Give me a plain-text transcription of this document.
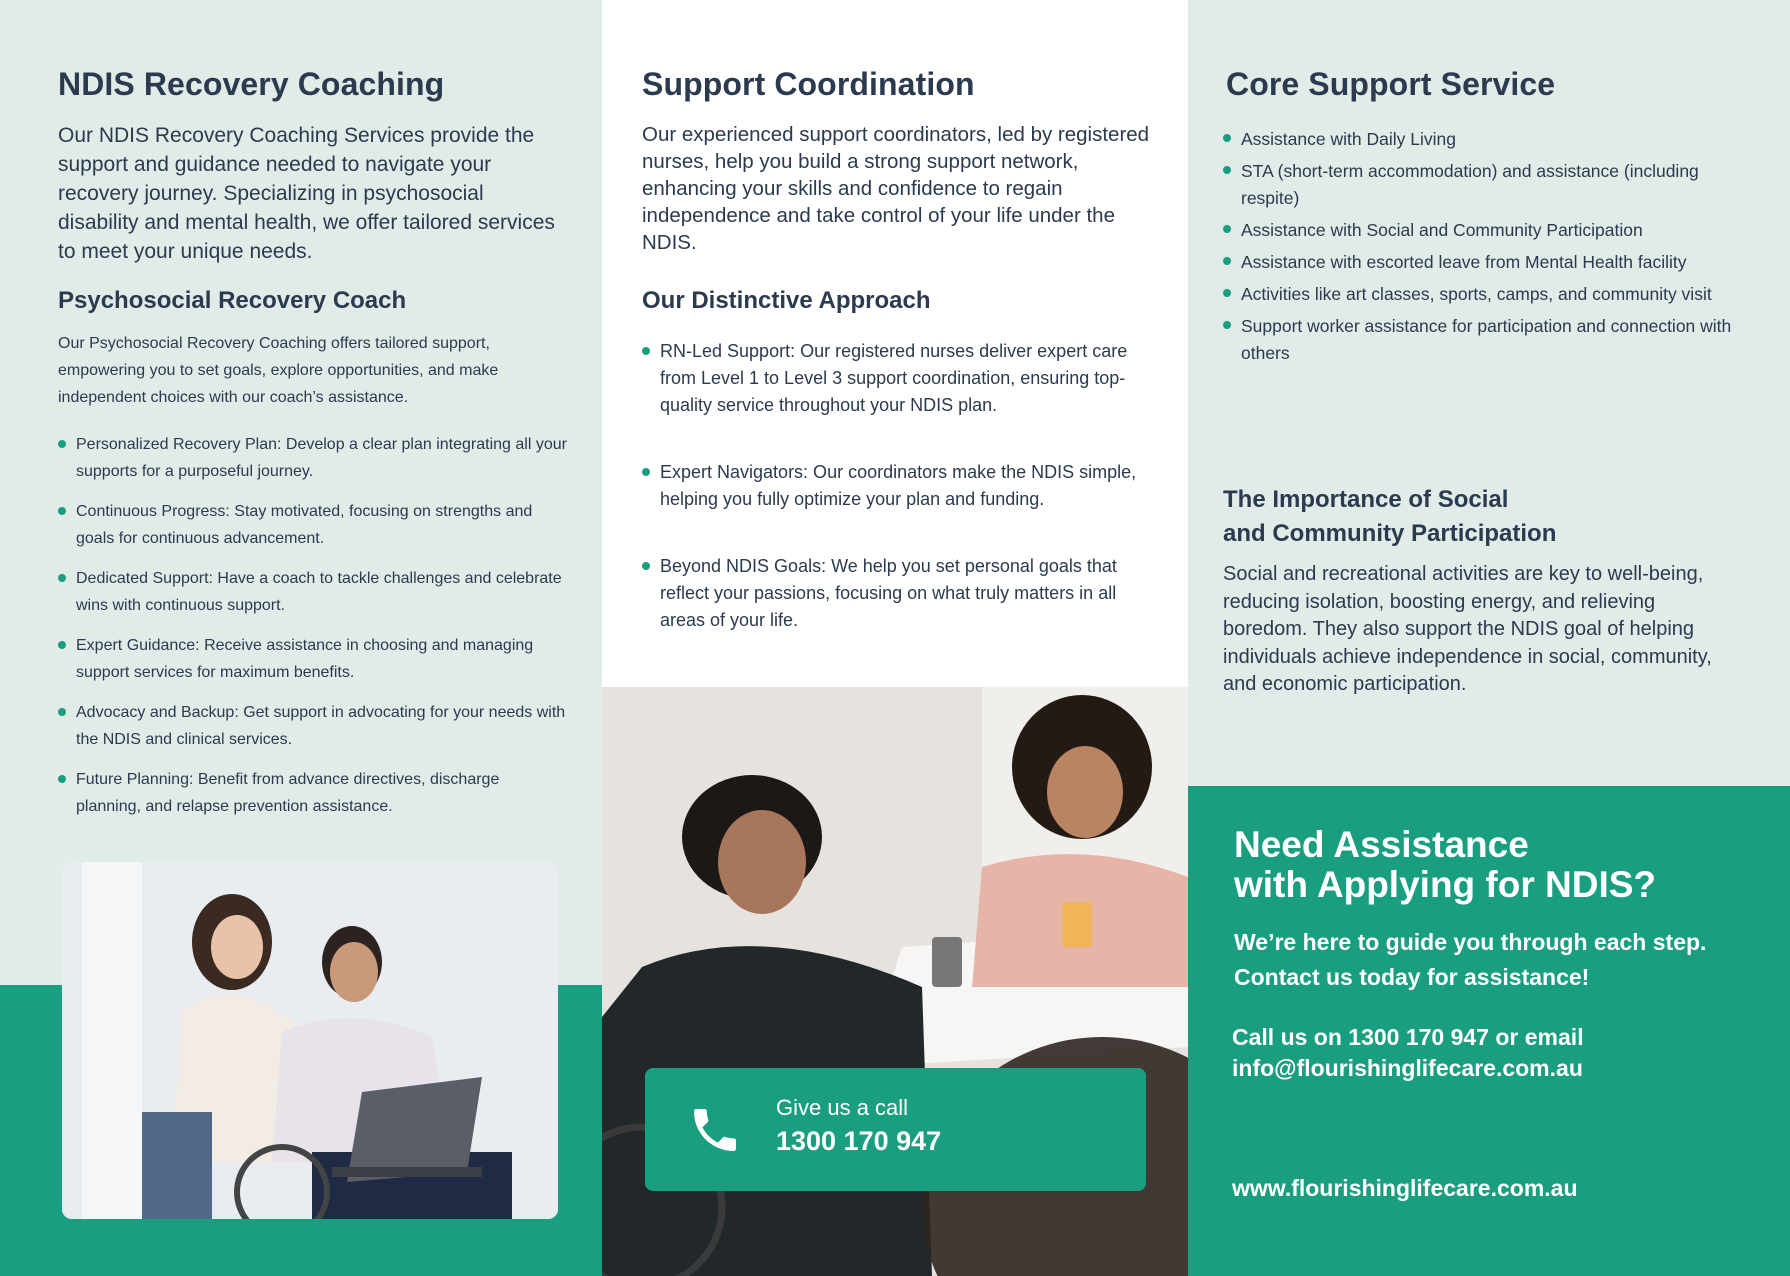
NDIS Recovery Coaching

Our NDIS Recovery Coaching Services provide the support and guidance needed to navigate your recovery journey. Specializing in psychosocial disability and mental health, we offer tailored services to meet your unique needs.

Psychosocial Recovery Coach

Our Psychosocial Recovery Coaching offers tailored support, empowering you to set goals, explore opportunities, and make independent choices with our coach’s assistance.

Personalized Recovery Plan: Develop a clear plan integrating all your supports for a purposeful journey.
Continuous Progress: Stay motivated, focusing on strengths and goals for continuous advancement.
Dedicated Support: Have a coach to tackle challenges and celebrate wins with continuous support.
Expert Guidance: Receive assistance in choosing and managing support services for maximum benefits.
Advocacy and Backup: Get support in advocating for your needs with the NDIS and clinical services.
Future Planning: Benefit from advance directives, discharge planning, and relapse prevention assistance.
Support Coordination

Our experienced support coordinators, led by registered nurses, help you build a strong support network, enhancing your skills and confidence to regain independence and take control of your life under the NDIS.

Our Distinctive Approach
RN-Led Support: Our registered nurses deliver expert care from Level 1 to Level 3 support coordination, ensuring top-quality service throughout your NDIS plan.
Expert Navigators: Our coordinators make the NDIS simple, helping you fully optimize your plan and funding.
Beyond NDIS Goals: We help you set personal goals that reflect your passions, focusing on what truly matters in all areas of your life.
Give us a call
1300 170 947
Core Support Service
Assistance with Daily Living
STA (short-term accommodation) and assistance (including respite)
Assistance with Social and Community Participation
Assistance with escorted leave from Mental Health facility
Activities like art classes, sports, camps, and community visit
Support worker assistance for participation and connection with others
The Importance of Social
and Community Participation

Social and recreational activities are key to well-being, reducing isolation, boosting energy, and relieving boredom. They also support the NDIS goal of helping individuals achieve independence in social, community, and economic participation.

Need Assistance
with Applying for NDIS?
We’re here to guide you through each step.
Contact us today for assistance!
Call us on 1300 170 947 or email
info@flourishinglifecare.com.au
www.flourishinglifecare.com.au
